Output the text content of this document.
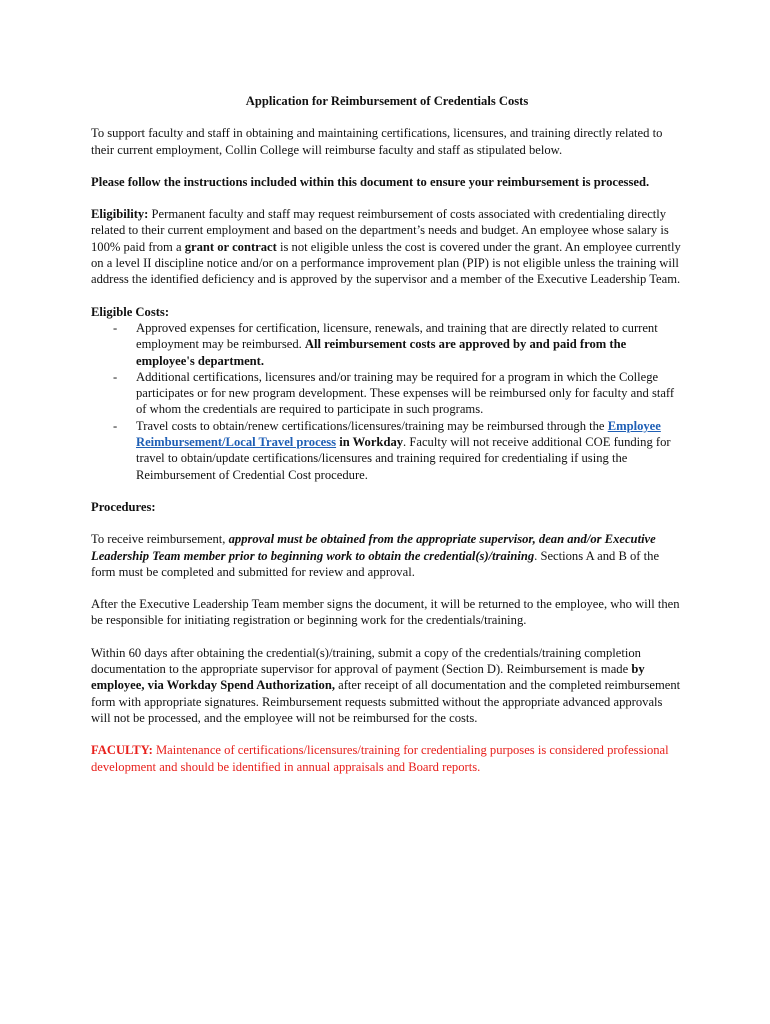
Application for Reimbursement of Credentials Costs

To support faculty and staff in obtaining and maintaining certifications, licensures, and training directly related to their current employment, Collin College will reimburse faculty and staff as stipulated below.

Please follow the instructions included within this document to ensure your reimbursement is processed.

Eligibility: Permanent faculty and staff may request reimbursement of costs associated with credentialing directly related to their current employment and based on the department’s needs and budget. An employee whose salary is 100% paid from a grant or contract is not eligible unless the cost is covered under the grant. An employee currently on a level II discipline notice and/or on a performance improvement plan (PIP) is not eligible unless the training will address the identified deficiency and is approved by the supervisor and a member of the Executive Leadership Team.

Eligible Costs:
- Approved expenses for certification, licensure, renewals, and training that are directly related to current employment may be reimbursed. All reimbursement costs are approved by and paid from the employee's department.
- Additional certifications, licensures and/or training may be required for a program in which the College participates or for new program development. These expenses will be reimbursed only for faculty and staff of whom the credentials are required to participate in such programs.
- Travel costs to obtain/renew certifications/licensures/training may be reimbursed through the Employee Reimbursement/Local Travel process in Workday. Faculty will not receive additional COE funding for travel to obtain/update certifications/licensures and training required for credentialing if using the Reimbursement of Credential Cost procedure.

Procedures:

To receive reimbursement, approval must be obtained from the appropriate supervisor, dean and/or Executive Leadership Team member prior to beginning work to obtain the credential(s)/training. Sections A and B of the form must be completed and submitted for review and approval.

After the Executive Leadership Team member signs the document, it will be returned to the employee, who will then be responsible for initiating registration or beginning work for the credentials/training.

Within 60 days after obtaining the credential(s)/training, submit a copy of the credentials/training completion documentation to the appropriate supervisor for approval of payment (Section D). Reimbursement is made by employee, via Workday Spend Authorization, after receipt of all documentation and the completed reimbursement form with appropriate signatures. Reimbursement requests submitted without the appropriate advanced approvals will not be processed, and the employee will not be reimbursed for the costs.

FACULTY: Maintenance of certifications/licensures/training for credentialing purposes is considered professional development and should be identified in annual appraisals and Board reports.
